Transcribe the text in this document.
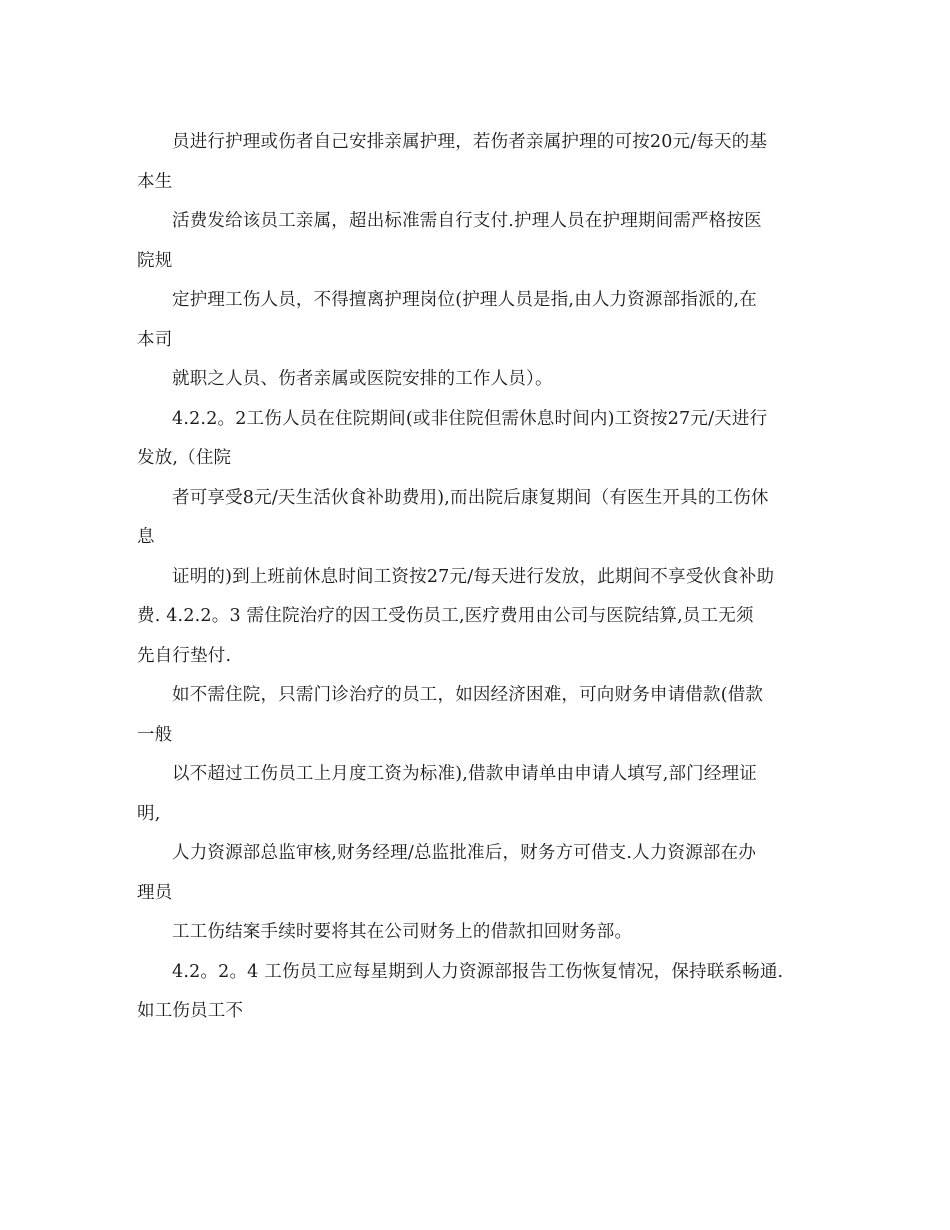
员进行护理或伤者自己安排亲属护理，若伤者亲属护理的可按20元/每天的基
本生
活费发给该员工亲属，超出标准需自行支付.护理人员在护理期间需严格按医
院规
定护理工伤人员，不得擅离护理岗位(护理人员是指,由人力资源部指派的,在
本司
就职之人员、伤者亲属或医院安排的工作人员）。
4.2.2。2工伤人员在住院期间(或非住院但需休息时间内)工资按27元/天进行
发放,（住院
者可享受8元/天生活伙食补助费用),而出院后康复期间（有医生开具的工伤休
息
证明的)到上班前休息时间工资按27元/每天进行发放，此期间不享受伙食补助
费. 4.2.2。3 需住院治疗的因工受伤员工,医疗费用由公司与医院结算,员工无须
先自行垫付.
如不需住院，只需门诊治疗的员工，如因经济困难，可向财务申请借款(借款
一般
以不超过工伤员工上月度工资为标准),借款申请单由申请人填写,部门经理证
明,
人力资源部总监审核,财务经理/总监批准后，财务方可借支.人力资源部在办
理员
工工伤结案手续时要将其在公司财务上的借款扣回财务部。
4.2。2。4 工伤员工应每星期到人力资源部报告工伤恢复情况，保持联系畅通.
如工伤员工不
